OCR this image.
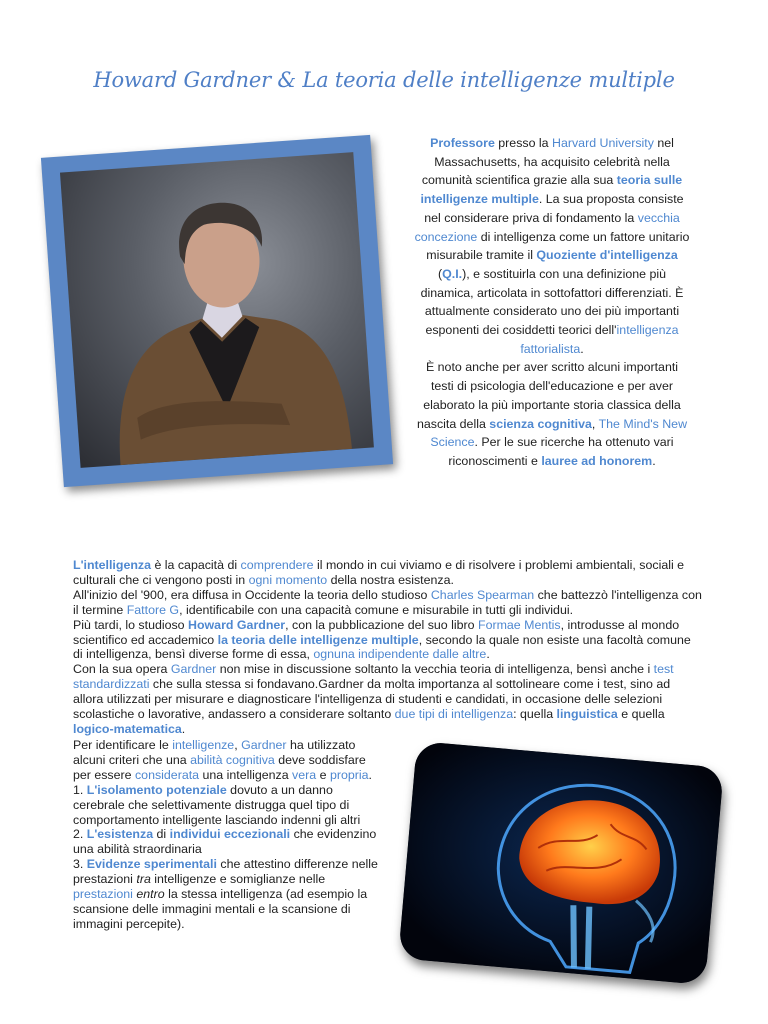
Howard Gardner & La teoria delle intelligenze multiple

Professore presso la Harvard University nel Massachusetts, ha acquisito celebrità nella comunità scientifica grazie alla sua teoria sulle intelligenze multiple. La sua proposta consiste nel considerare priva di fondamento la vecchia concezione di intelligenza come un fattore unitario misurabile tramite il Quoziente d'intelligenza (Q.I.), e sostituirla con una definizione più dinamica, articolata in sottofattori differenziati. È attualmente considerato uno dei più importanti esponenti dei cosiddetti teorici dell'intelligenza fattorialista.

È noto anche per aver scritto alcuni importanti testi di psicologia dell'educazione e per aver elaborato la più importante storia classica della nascita della scienza cognitiva, The Mind's New Science. Per le sue ricerche ha ottenuto vari riconoscimenti e lauree ad honorem.

L'intelligenza è la capacità di comprendere il mondo in cui viviamo e di risolvere i problemi ambientali, sociali e culturali che ci vengono posti in ogni momento della nostra esistenza.

All'inizio del '900, era diffusa in Occidente la teoria dello studioso Charles Spearman che battezzò l'intelligenza con il termine Fattore G, identificabile con una capacità comune e misurabile in tutti gli individui.

Più tardi, lo studioso Howard Gardner, con la pubblicazione del suo libro Formae Mentis, introdusse al mondo scientifico ed accademico la teoria delle intelligenze multiple, secondo la quale non esiste una facoltà comune di intelligenza, bensì diverse forme di essa, ognuna indipendente dalle altre.

Con la sua opera Gardner non mise in discussione soltanto la vecchia teoria di intelligenza, bensì anche i test standardizzati che sulla stessa si fondavano.Gardner da molta importanza al sottolineare come i test, sino ad allora utilizzati per misurare e diagnosticare l'intelligenza di studenti e candidati, in occasione delle selezioni scolastiche o lavorative, andassero a considerare soltanto due tipi di intelligenza: quella linguistica e quella logico-matematica.

Per identificare le intelligenze, Gardner ha utilizzato alcuni criteri che una abilità cognitiva deve soddisfare per essere considerata una intelligenza vera e propria.

1. L'isolamento potenziale dovuto a un danno cerebrale che selettivamente distrugga quel tipo di comportamento intelligente lasciando indenni gli altri

2. L'esistenza di individui eccezionali che evidenzino una abilità straordinaria

3. Evidenze sperimentali che attestino differenze nelle prestazioni tra intelligenze e somiglianze nelle prestazioni entro la stessa intelligenza (ad esempio la scansione delle immagini mentali e la scansione di immagini percepite).
